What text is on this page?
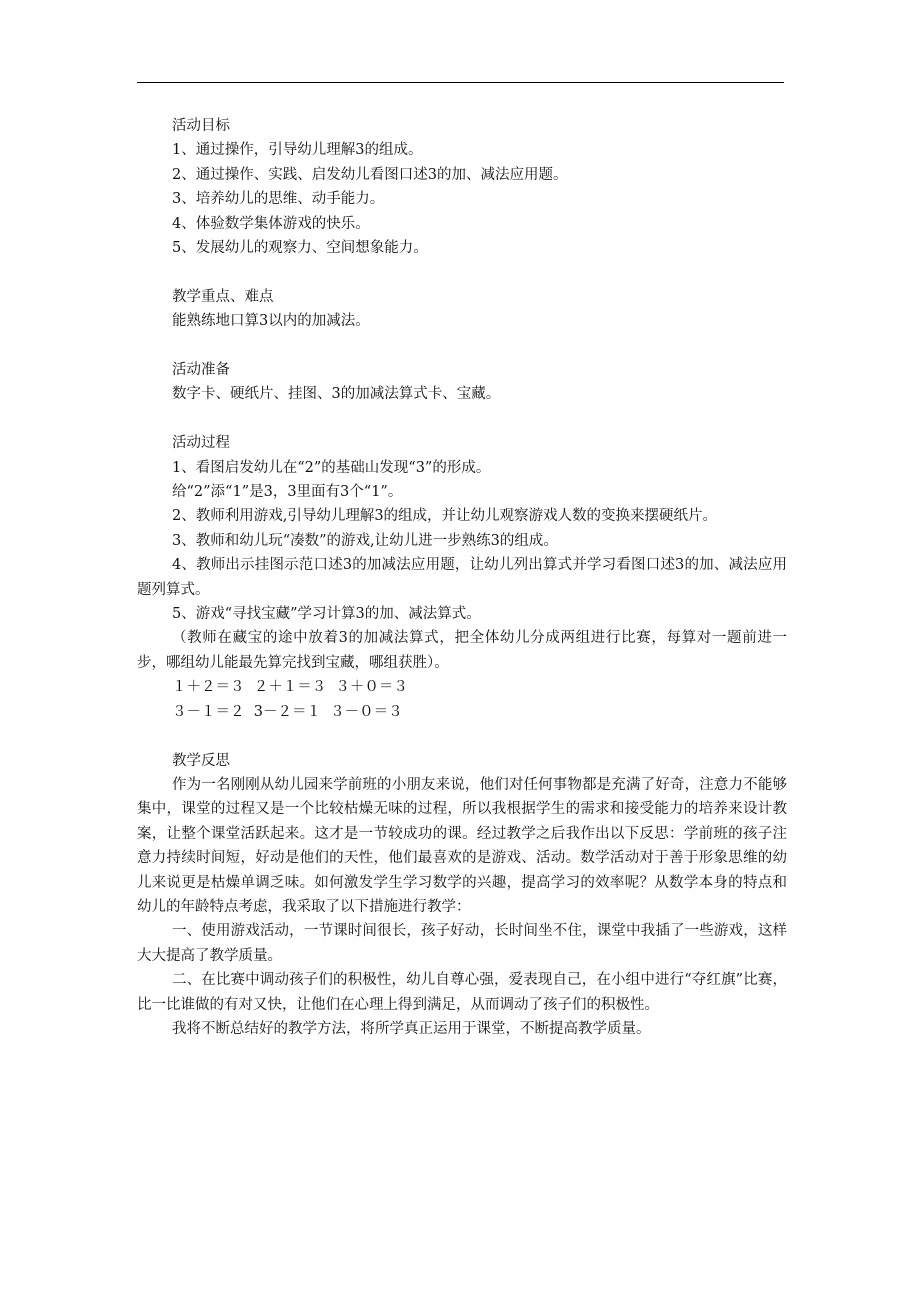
活动目标
1、通过操作，引导幼儿理解3的组成。
2、通过操作、实践、启发幼儿看图口述3的加、减法应用题。
3、培养幼儿的思维、动手能力。
4、体验数学集体游戏的快乐。
5、发展幼儿的观察力、空间想象能力。
教学重点、难点
能熟练地口算3以内的加减法。
活动准备
数字卡、硬纸片、挂图、3的加减法算式卡、宝藏。
活动过程
1、看图启发幼儿在“2”的基础山发现“3”的形成。
给“2”添“1”是3，3里面有3个“1”。
2、教师利用游戏,引导幼儿理解3的组成，并让幼儿观察游戏人数的变换来摆硬纸片。
3、教师和幼儿玩“凑数”的游戏,让幼儿进一步熟练3的组成。
4、教师出示挂图示范口述3的加减法应用题，让幼儿列出算式并学习看图口述3的加、减法应用题列算式。
5、游戏“寻找宝藏”学习计算3的加、减法算式。
（教师在藏宝的途中放着3的加减法算式，把全体幼儿分成两组进行比赛，每算对一题前进一步，哪组幼儿能最先算完找到宝藏，哪组获胜）。
１＋２＝３  ２＋１＝３  ３＋０＝３
３－１＝２  3－２＝１  ３－０＝３
教学反思
作为一名刚刚从幼儿园来学前班的小朋友来说，他们对任何事物都是充满了好奇，注意力不能够集中，课堂的过程又是一个比较枯燥无味的过程，所以我根据学生的需求和接受能力的培养来设计教案，让整个课堂活跃起来。这才是一节较成功的课。经过教学之后我作出以下反思：学前班的孩子注意力持续时间短，好动是他们的天性，他们最喜欢的是游戏、活动。数学活动对于善于形象思维的幼儿来说更是枯燥单调乏味。如何激发学生学习数学的兴趣，提高学习的效率呢？从数学本身的特点和幼儿的年龄特点考虑，我采取了以下措施进行教学：
一、使用游戏活动，一节课时间很长，孩子好动，长时间坐不住，课堂中我插了一些游戏，这样大大提高了教学质量。
二、在比赛中调动孩子们的积极性，幼儿自尊心强，爱表现自己，在小组中进行“夺红旗”比赛，比一比谁做的有对又快，让他们在心理上得到满足，从而调动了孩子们的积极性。
我将不断总结好的教学方法，将所学真正运用于课堂，不断提高教学质量。
